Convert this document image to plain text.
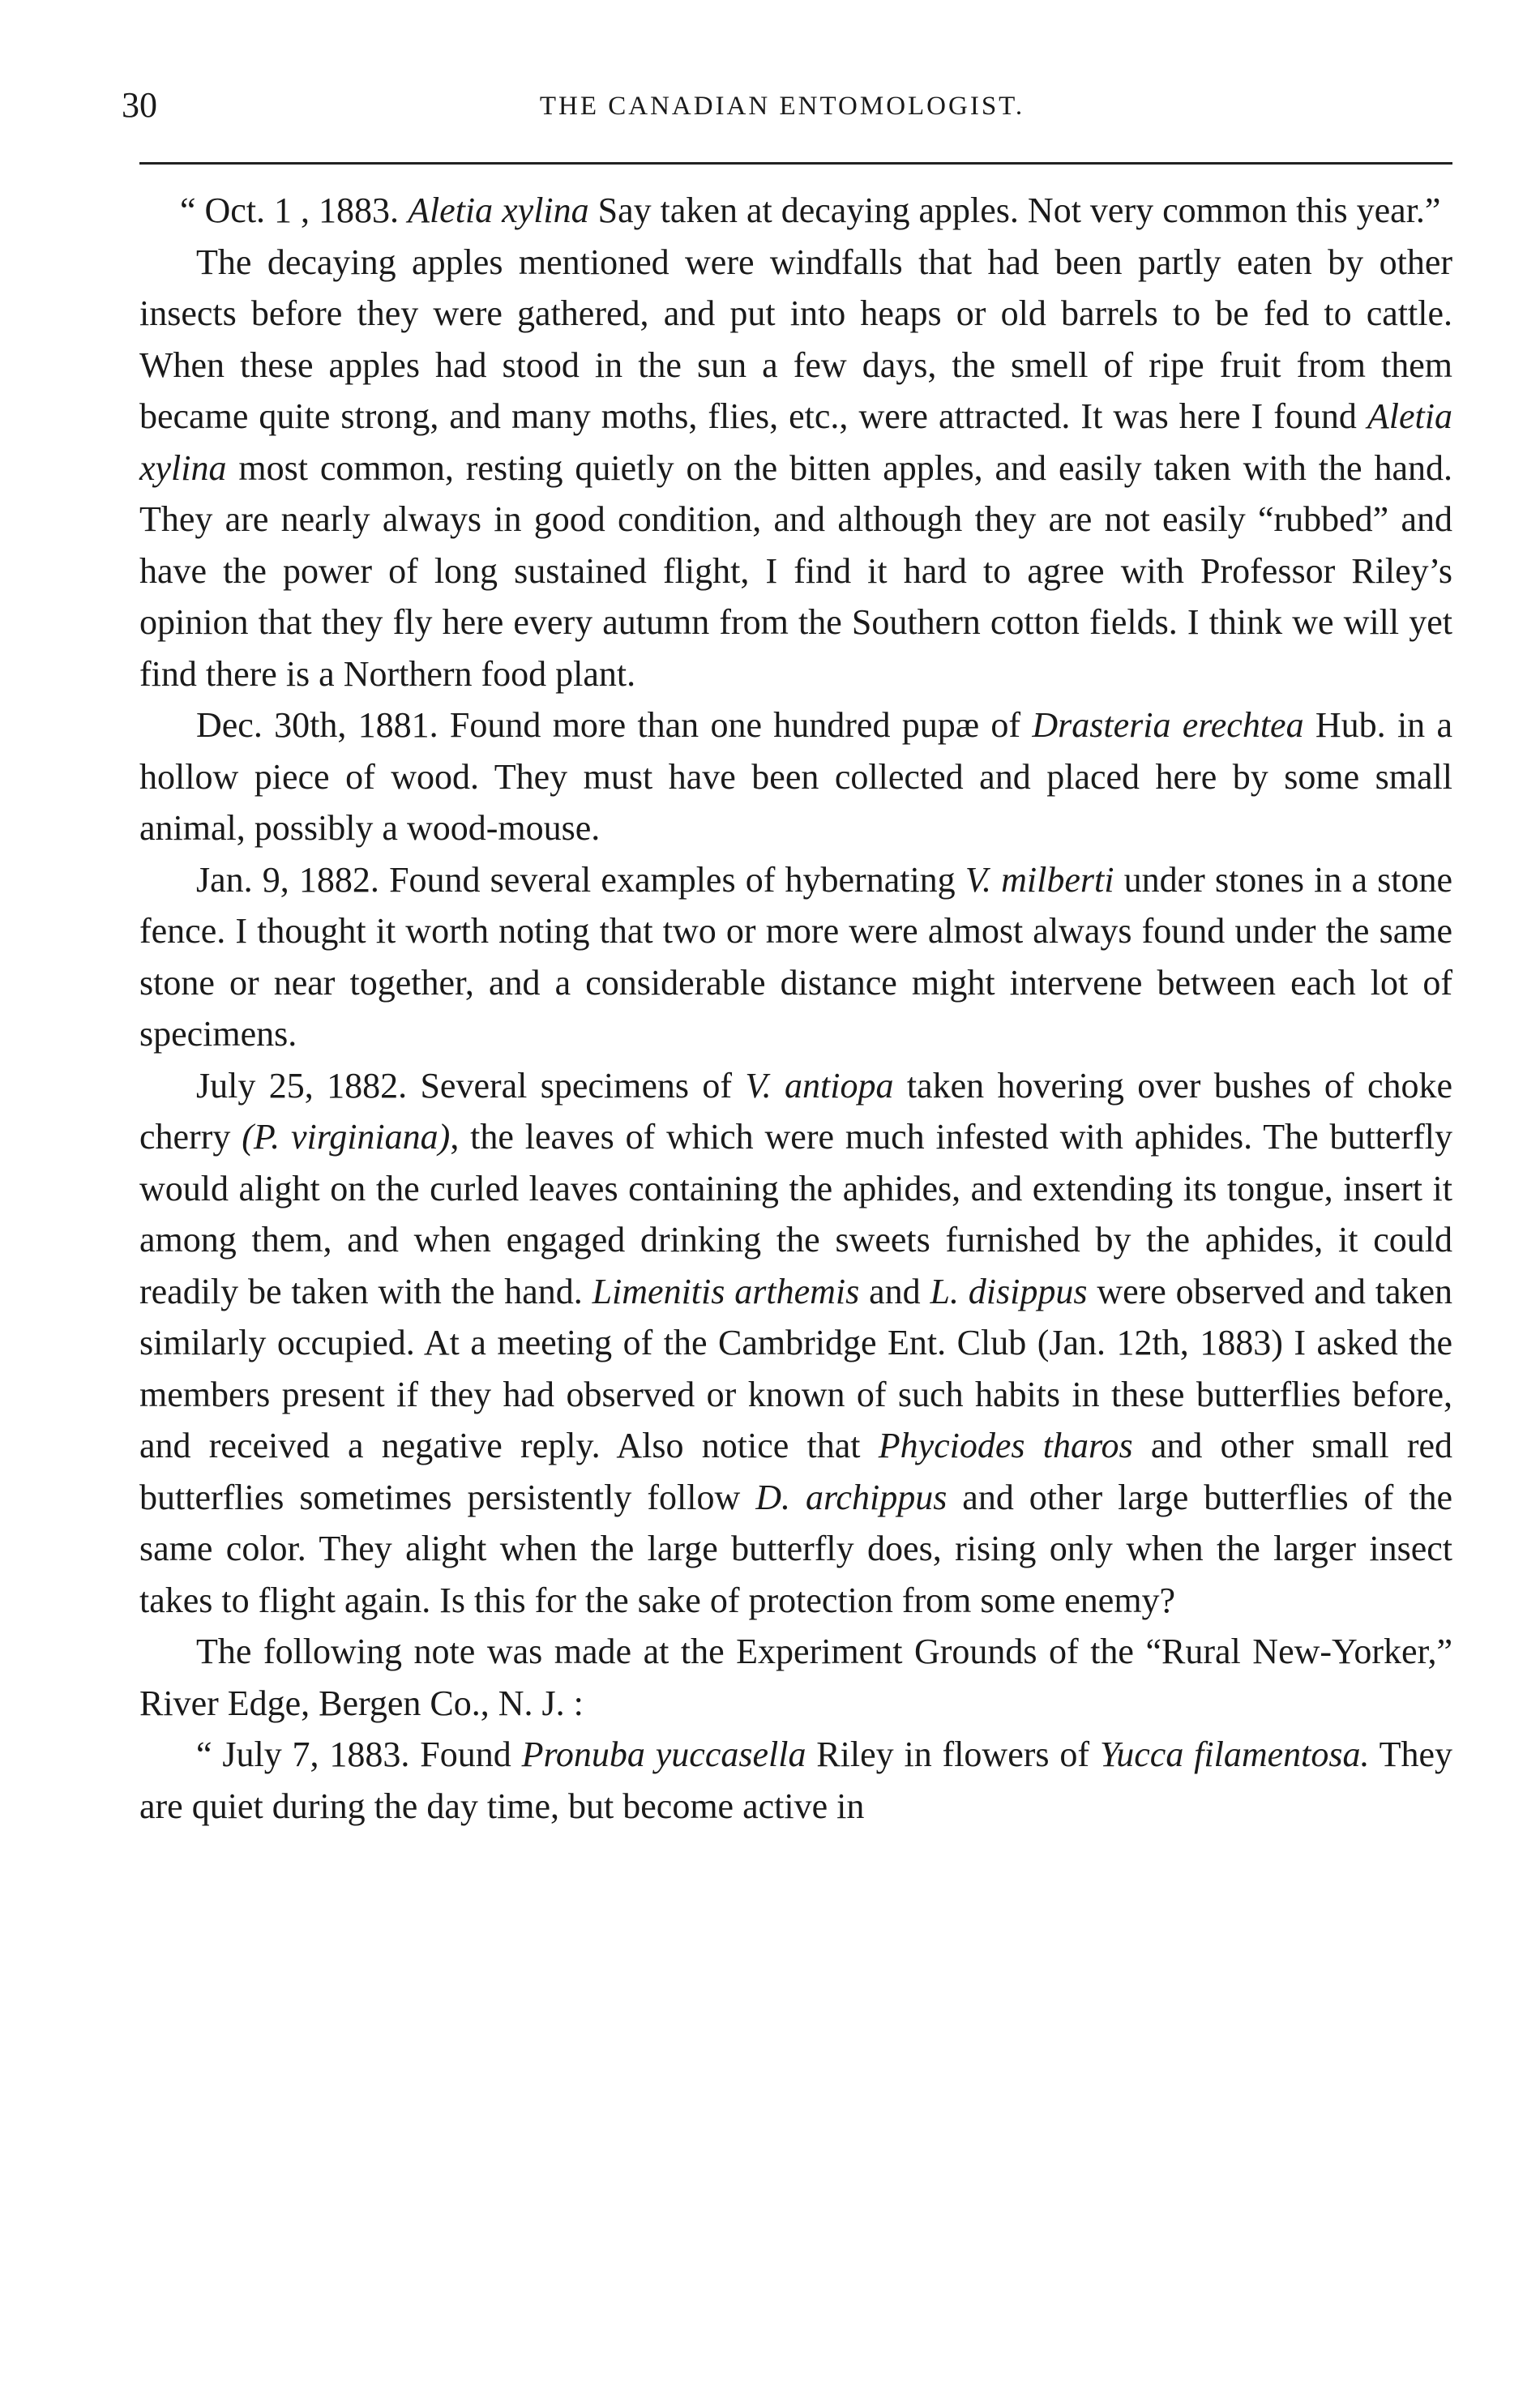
30	THE CANADIAN ENTOMOLOGIST.

“ Oct. 1 , 1883. Aletia xylina Say taken at decaying apples. Not very common this year.”

The decaying apples mentioned were windfalls that had been partly eaten by other insects before they were gathered, and put into heaps or old barrels to be fed to cattle. When these apples had stood in the sun a few days, the smell of ripe fruit from them became quite strong, and many moths, flies, etc., were attracted. It was here I found Aletia xylina most common, resting quietly on the bitten apples, and easily taken with the hand. They are nearly always in good condition, and although they are not easily “rubbed” and have the power of long sustained flight, I find it hard to agree with Professor Riley’s opinion that they fly here every autumn from the Southern cotton fields. I think we will yet find there is a Northern food plant.

Dec. 30th, 1881. Found more than one hundred pupæ of Drasteria erechtea Hub. in a hollow piece of wood. They must have been collected and placed here by some small animal, possibly a wood-mouse.

Jan. 9, 1882. Found several examples of hybernating V. milberti under stones in a stone fence. I thought it worth noting that two or more were almost always found under the same stone or near together, and a considerable distance might intervene between each lot of specimens.

July 25, 1882. Several specimens of V. antiopa taken hovering over bushes of choke cherry (P. virginiana), the leaves of which were much infested with aphides. The butterfly would alight on the curled leaves containing the aphides, and extending its tongue, insert it among them, and when engaged drinking the sweets furnished by the aphides, it could readily be taken with the hand. Limenitis arthemis and L. disippus were observed and taken similarly occupied. At a meeting of the Cambridge Ent. Club (Jan. 12th, 1883) I asked the members present if they had observed or known of such habits in these butterflies before, and received a negative reply. Also notice that Phyciodes tharos and other small red butterflies sometimes persistently follow D. archippus and other large butterflies of the same color. They alight when the large butterfly does, rising only when the larger insect takes to flight again. Is this for the sake of protection from some enemy?

The following note was made at the Experiment Grounds of the “Rural New-Yorker,” River Edge, Bergen Co., N. J. :

“ July 7, 1883. Found Pronuba yuccasella Riley in flowers of Yucca filamentosa. They are quiet during the day time, but become active in
